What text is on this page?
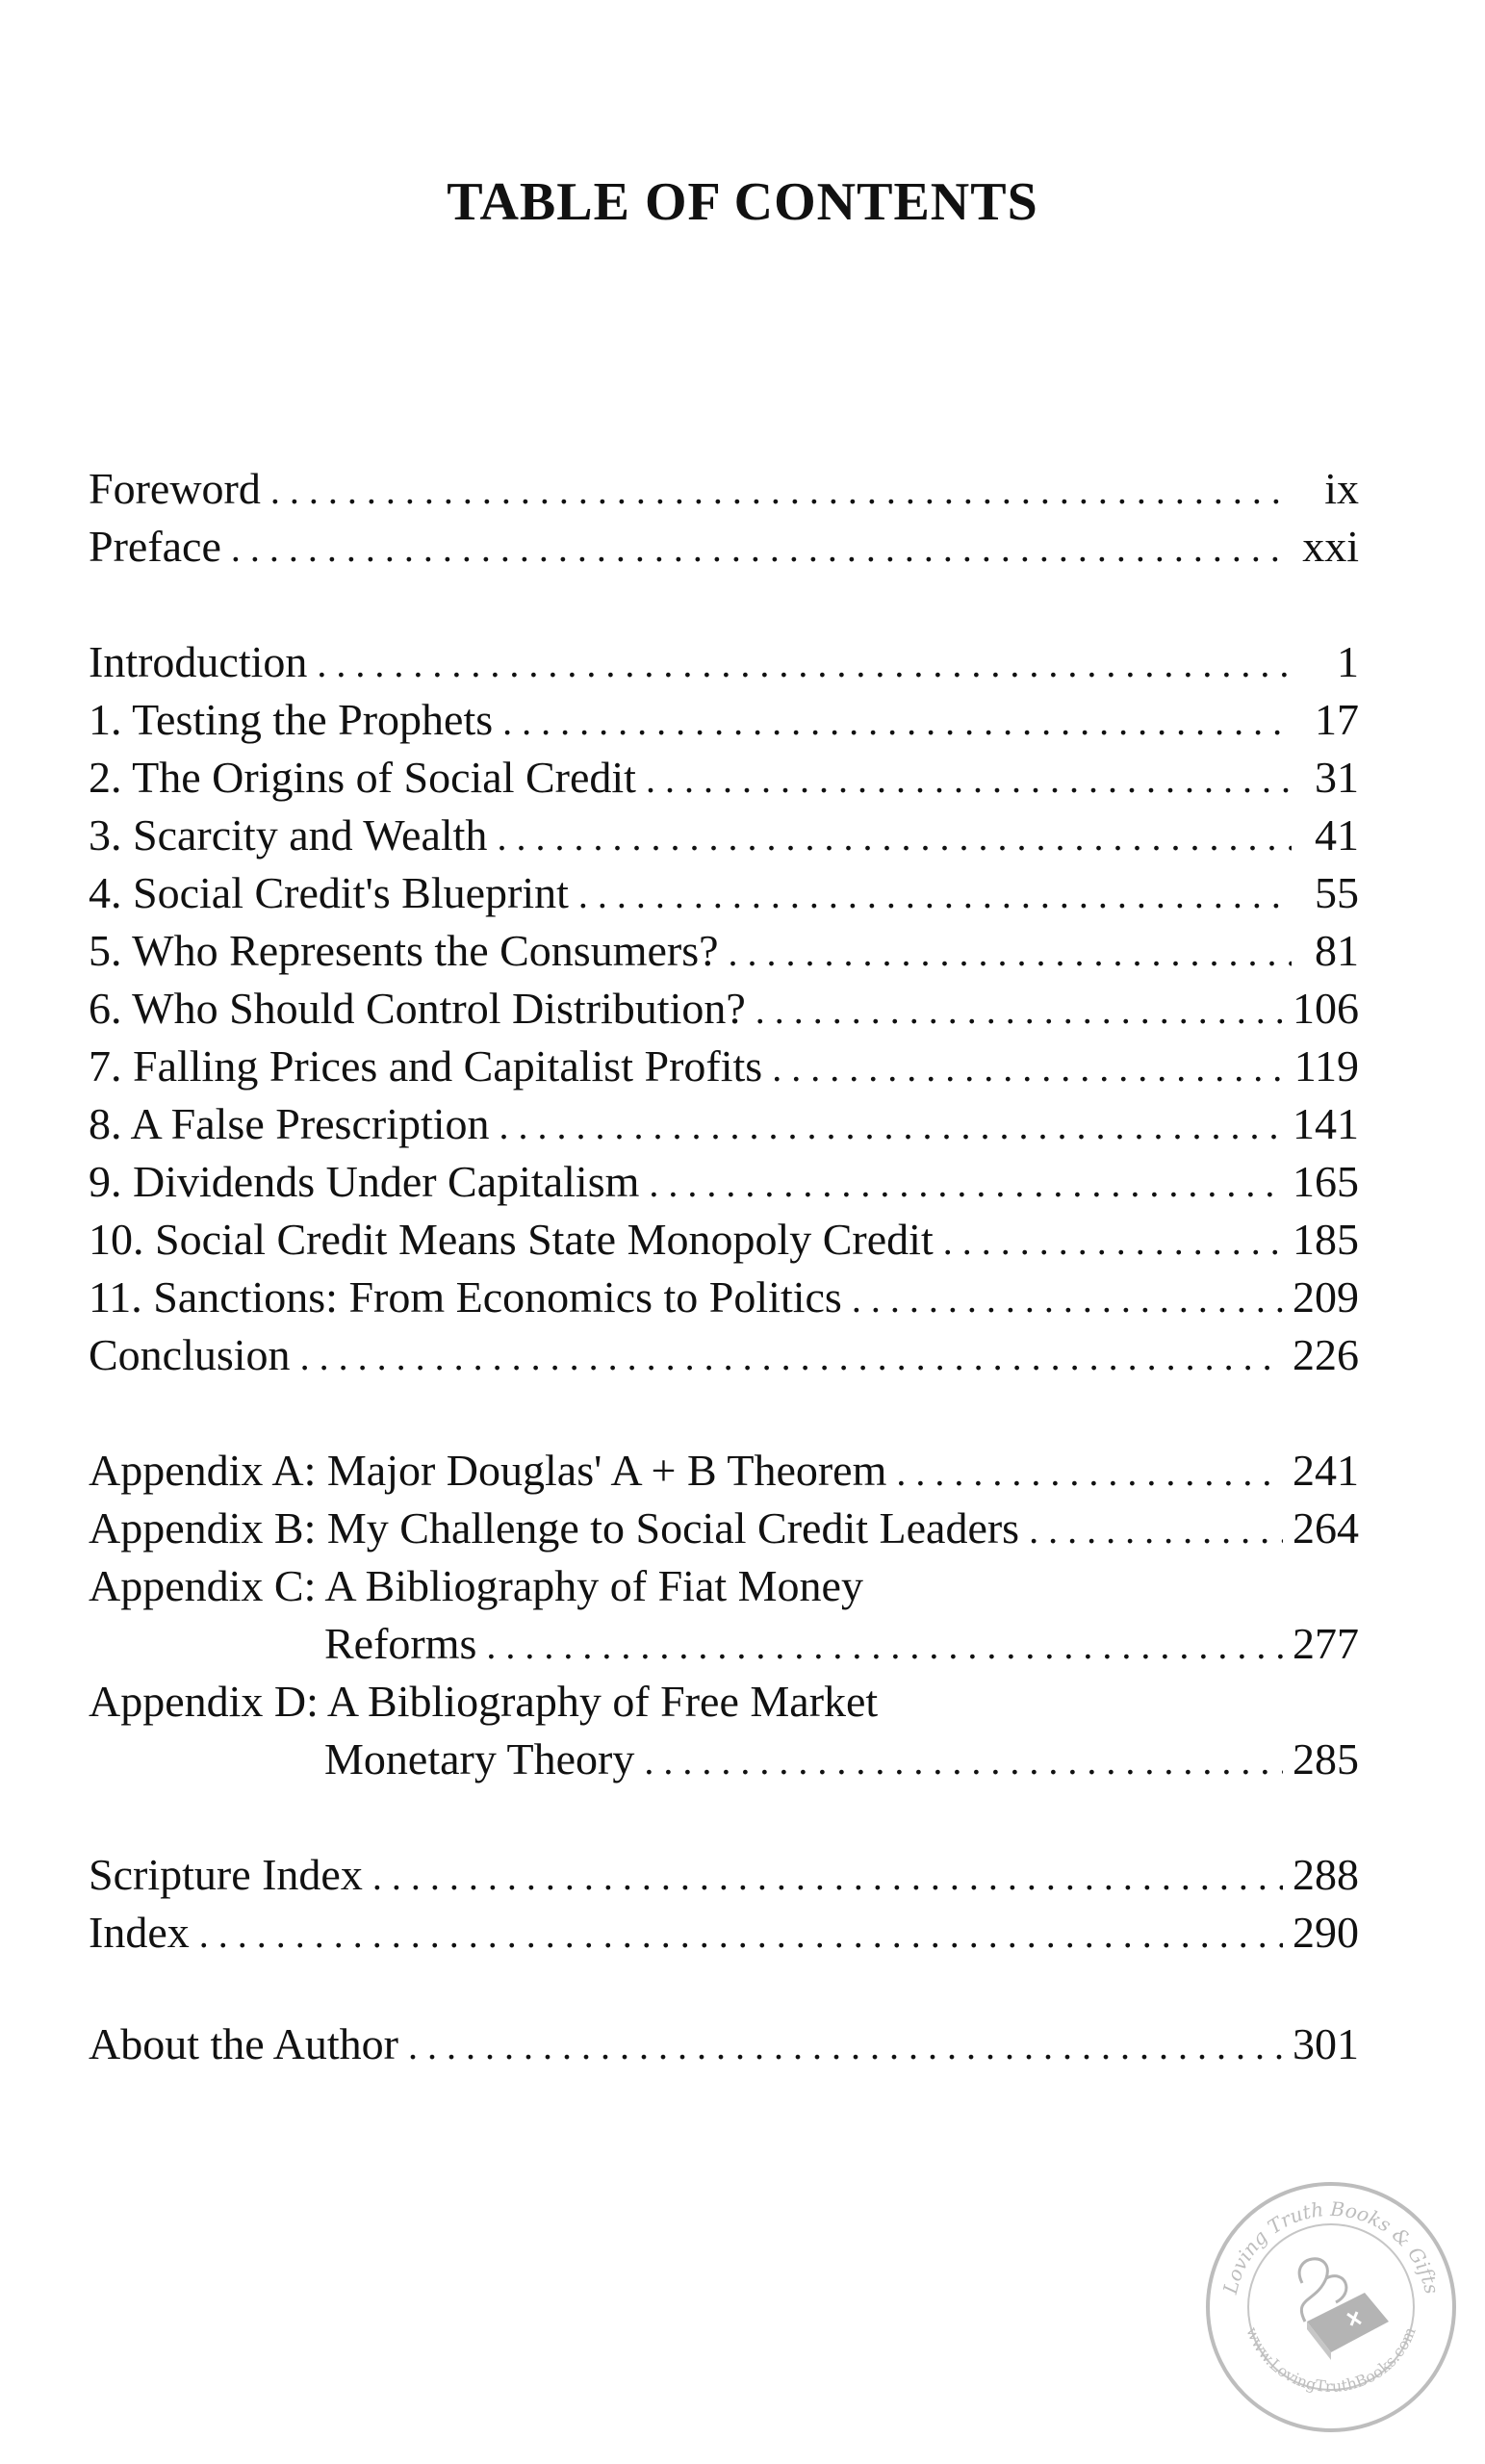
TABLE OF CONTENTS
Foreword . . .	ix
Preface . . .	xxi
Introduction . . .	1
1. Testing the Prophets . . .	17
2. The Origins of Social Credit . . .	31
3. Scarcity and Wealth . . .	41
4. Social Credit's Blueprint . . .	55
5. Who Represents the Consumers? . . .	81
6. Who Should Control Distribution? . . .	106
7. Falling Prices and Capitalist Profits . . .	119
8. A False Prescription . . .	141
9. Dividends Under Capitalism . . .	165
10. Social Credit Means State Monopoly Credit . . .	185
11. Sanctions: From Economics to Politics . . .	209
Conclusion . . .	226
Appendix A: Major Douglas' A + B Theorem . . .	241
Appendix B: My Challenge to Social Credit Leaders . . .	264
Appendix C: A Bibliography of Fiat Money
Reforms . . .	277
Appendix D: A Bibliography of Free Market
Monetary Theory . . .	285
Scripture Index . . .	288
Index . . .	290
About the Author . . .	301
Loving Truth Books & Gifts
www.LovingTruthBooks.com
